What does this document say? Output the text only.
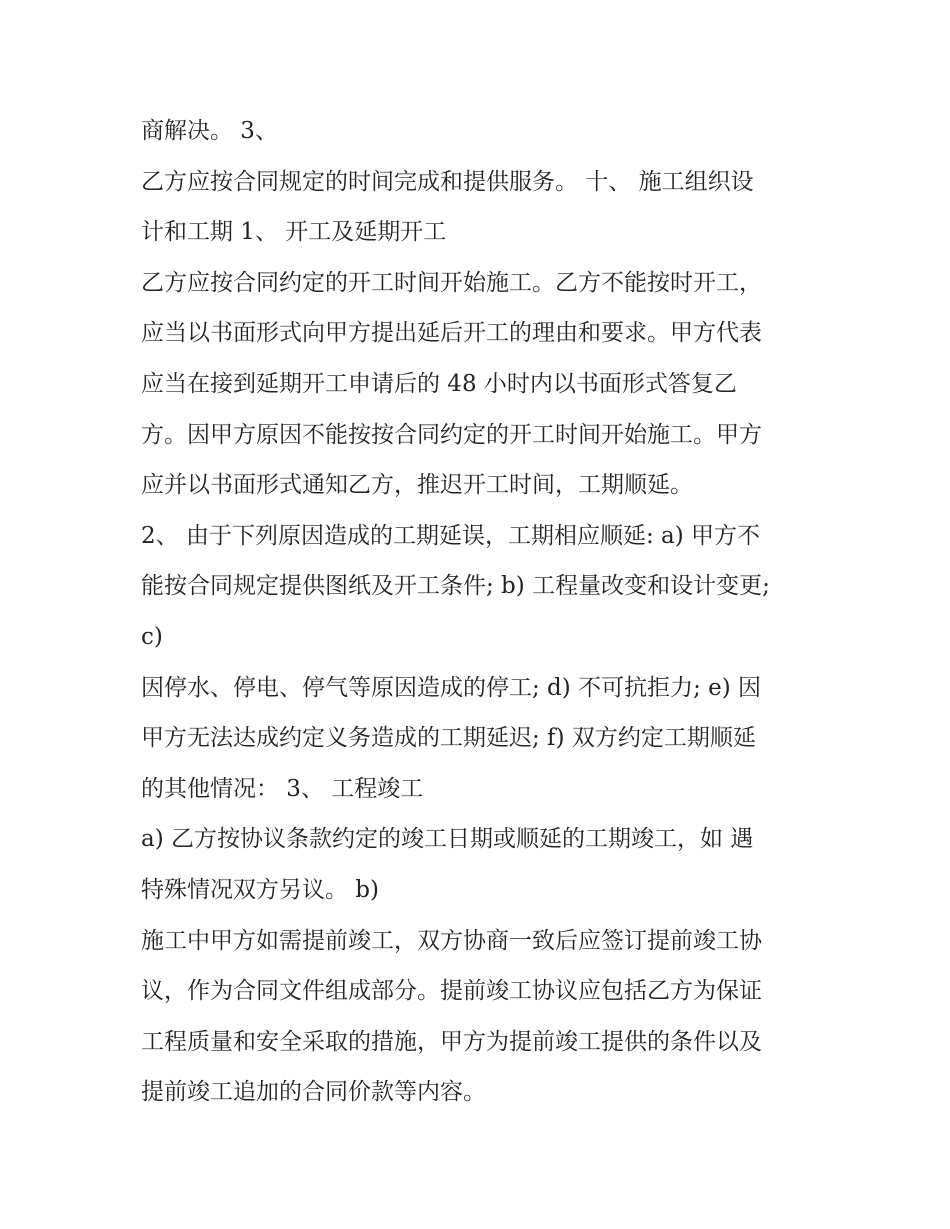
商解决。 3、
乙方应按合同规定的时间完成和提供服务。 十、 施工组织设
计和工期 1、 开工及延期开工
乙方应按合同约定的开工时间开始施工。乙方不能按时开工，
应当以书面形式向甲方提出延后开工的理由和要求。甲方代表
应当在接到延期开工申请后的 48 小时内以书面形式答复乙
方。因甲方原因不能按按合同约定的开工时间开始施工。甲方
应并以书面形式通知乙方，推迟开工时间，工期顺延。
2、 由于下列原因造成的工期延误，工期相应顺延: a) 甲方不
能按合同规定提供图纸及开工条件; b) 工程量改变和设计变更;
c)
因停水、停电、停气等原因造成的停工; d) 不可抗拒力; e) 因
甲方无法达成约定义务造成的工期延迟; f) 双方约定工期顺延
的其他情况： 3、 工程竣工
a) 乙方按协议条款约定的竣工日期或顺延的工期竣工，如 遇
特殊情况双方另议。 b)
施工中甲方如需提前竣工，双方协商一致后应签订提前竣工协
议，作为合同文件组成部分。提前竣工协议应包括乙方为保证
工程质量和安全采取的措施，甲方为提前竣工提供的条件以及
提前竣工追加的合同价款等内容。
